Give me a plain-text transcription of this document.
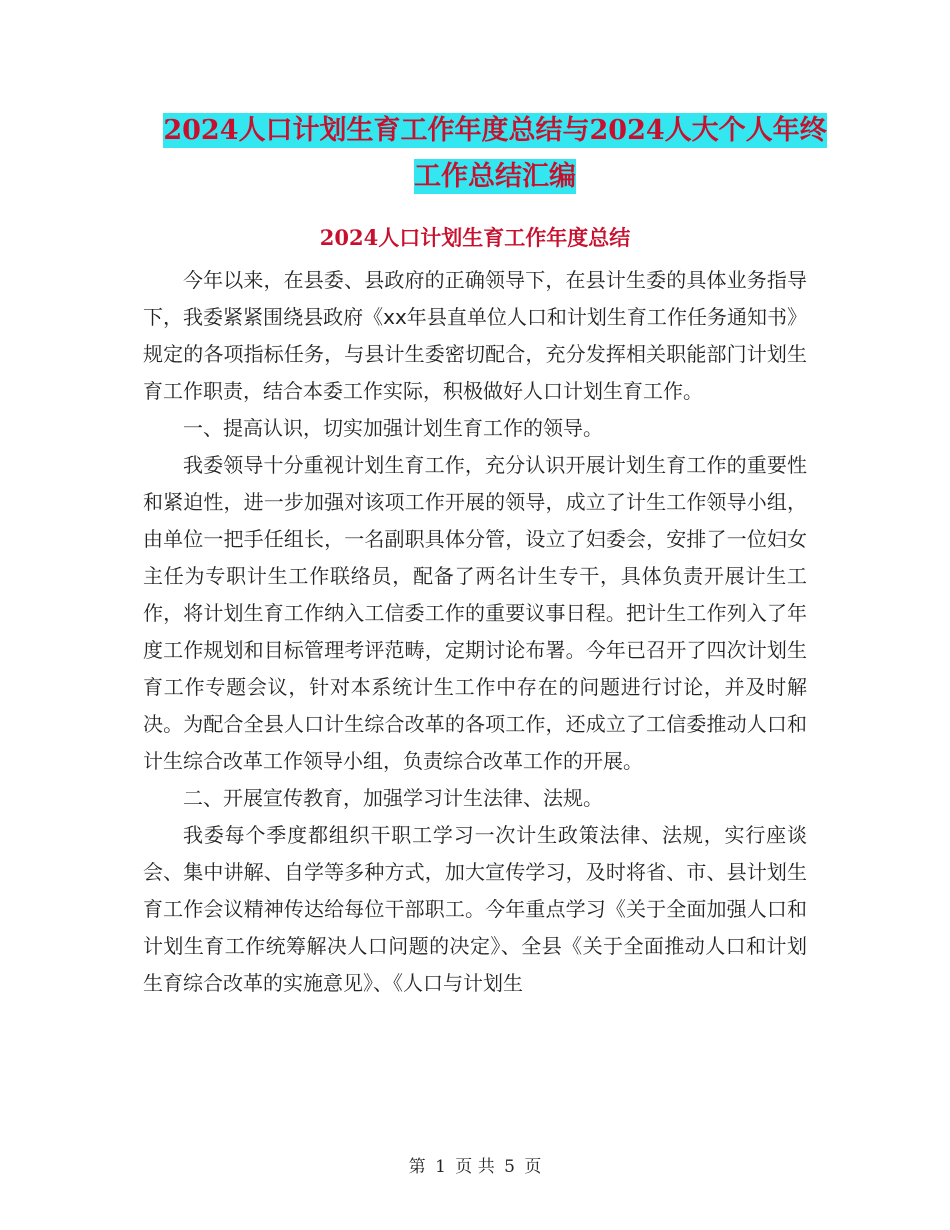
2024人口计划生育工作年度总结与2024人大个人年终
工作总结汇编
2024人口计划生育工作年度总结

今年以来，在县委、县政府的正确领导下，在县计生委的具体业务指导下，我委紧紧围绕县政府《xx年县直单位人口和计划生育工作任务通知书》规定的各项指标任务，与县计生委密切配合，充分发挥相关职能部门计划生育工作职责，结合本委工作实际，积极做好人口计划生育工作。

一、提高认识，切实加强计划生育工作的领导。

我委领导十分重视计划生育工作，充分认识开展计划生育工作的重要性和紧迫性，进一步加强对该项工作开展的领导，成立了计生工作领导小组，由单位一把手任组长，一名副职具体分管，设立了妇委会，安排了一位妇女主任为专职计生工作联络员，配备了两名计生专干，具体负责开展计生工作，将计划生育工作纳入工信委工作的重要议事日程。把计生工作列入了年度工作规划和目标管理考评范畴，定期讨论布署。今年已召开了四次计划生育工作专题会议，针对本系统计生工作中存在的问题进行讨论，并及时解决。为配合全县人口计生综合改革的各项工作，还成立了工信委推动人口和计生综合改革工作领导小组，负责综合改革工作的开展。

二、开展宣传教育，加强学习计生法律、法规。

我委每个季度都组织干职工学习一次计生政策法律、法规，实行座谈会、集中讲解、自学等多种方式，加大宣传学习，及时将省、市、县计划生育工作会议精神传达给每位干部职工。今年重点学习《关于全面加强人口和计划生育工作统筹解决人口问题的决定》、全县《关于全面推动人口和计划生育综合改革的实施意见》、《人口与计划生

第 1 页 共 5 页
